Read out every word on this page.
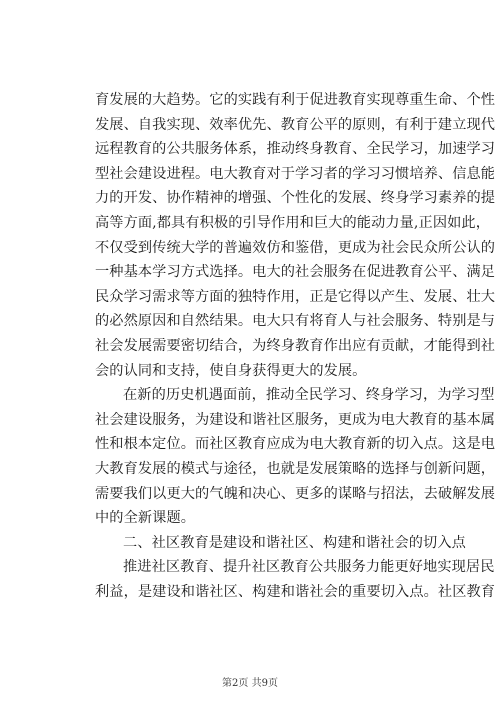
育发展的大趋势。它的实践有利于促进教育实现尊重生命、个性
发展、自我实现、效率优先、教育公平的原则，有利于建立现代
远程教育的公共服务体系，推动终身教育、全民学习，加速学习
型社会建设进程。电大教育对于学习者的学习习惯培养、信息能
力的开发、协作精神的增强、个性化的发展、终身学习素养的提
高等方面,都具有积极的引导作用和巨大的能动力量,正因如此，
不仅受到传统大学的普遍效仿和鉴借，更成为社会民众所公认的
一种基本学习方式选择。电大的社会服务在促进教育公平、满足
民众学习需求等方面的独特作用，正是它得以产生、发展、壮大
的必然原因和自然结果。电大只有将育人与社会服务、特别是与
社会发展需要密切结合，为终身教育作出应有贡献，才能得到社
会的认同和支持，使自身获得更大的发展。
在新的历史机遇面前，推动全民学习、终身学习，为学习型
社会建设服务，为建设和谐社区服务，更成为电大教育的基本属
性和根本定位。而社区教育应成为电大教育新的切入点。这是电
大教育发展的模式与途径，也就是发展策略的选择与创新问题，
需要我们以更大的气魄和决心、更多的谋略与招法，去破解发展
中的全新课题。
二、社区教育是建设和谐社区、构建和谐社会的切入点
推进社区教育、提升社区教育公共服务力能更好地实现居民
利益，是建设和谐社区、构建和谐社会的重要切入点。社区教育
第2页 共9页
